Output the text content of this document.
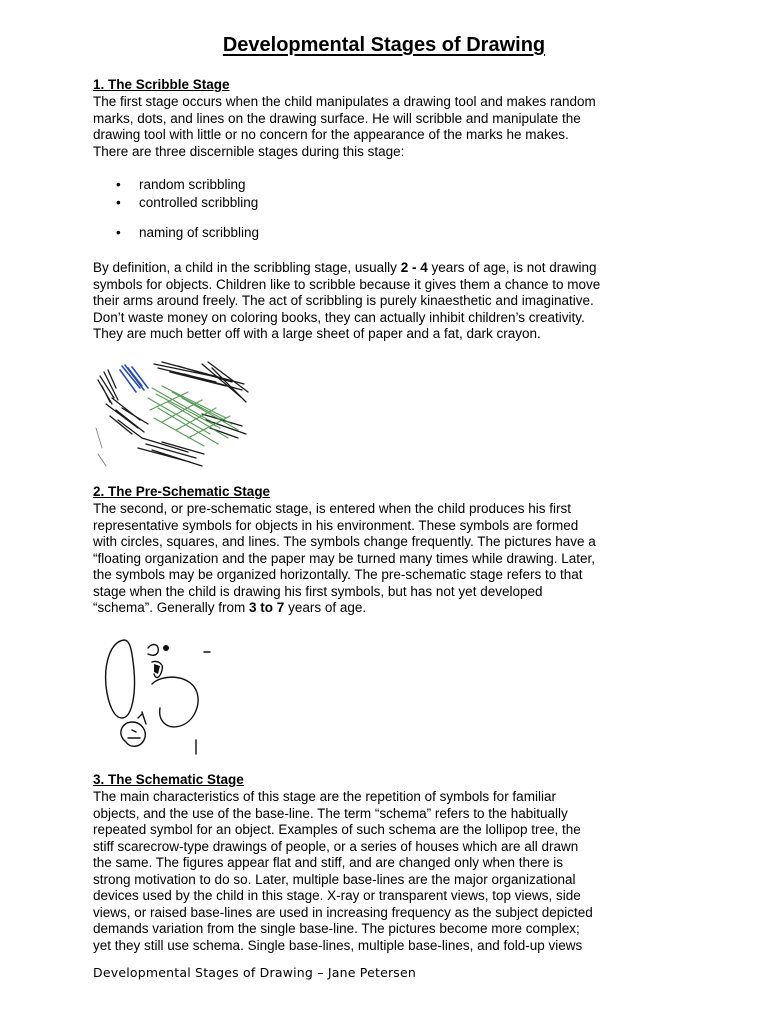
Developmental Stages of Drawing
1. The Scribble Stage

The first stage occurs when the child manipulates a drawing tool and makes random
marks, dots, and lines on the drawing surface. He will scribble and manipulate the
drawing tool with little or no concern for the appearance of the marks he makes.
There are three discernible stages during this stage:

• random scribbling
• controlled scribbling
• naming of scribbling

By definition, a child in the scribbling stage, usually 2 - 4 years of age, is not drawing
symbols for objects. Children like to scribble because it gives them a chance to move
their arms around freely. The act of scribbling is purely kinaesthetic and imaginative.
Don’t waste money on coloring books, they can actually inhibit children’s creativity.
They are much better off with a large sheet of paper and a fat, dark crayon.

2. The Pre-Schematic Stage

The second, or pre-schematic stage, is entered when the child produces his first
representative symbols for objects in his environment. These symbols are formed
with circles, squares, and lines. The symbols change frequently. The pictures have a
“floating organization and the paper may be turned many times while drawing. Later,
the symbols may be organized horizontally. The pre-schematic stage refers to that
stage when the child is drawing his first symbols, but has not yet developed
“schema”. Generally from 3 to 7 years of age.

3. The Schematic Stage

The main characteristics of this stage are the repetition of symbols for familiar
objects, and the use of the base-line. The term “schema” refers to the habitually
repeated symbol for an object. Examples of such schema are the lollipop tree, the
stiff scarecrow-type drawings of people, or a series of houses which are all drawn
the same. The figures appear flat and stiff, and are changed only when there is
strong motivation to do so. Later, multiple base-lines are the major organizational
devices used by the child in this stage. X-ray or transparent views, top views, side
views, or raised base-lines are used in increasing frequency as the subject depicted
demands variation from the single base-line. The pictures become more complex;
yet they still use schema. Single base-lines, multiple base-lines, and fold-up views

Developmental Stages of Drawing – Jane Petersen
